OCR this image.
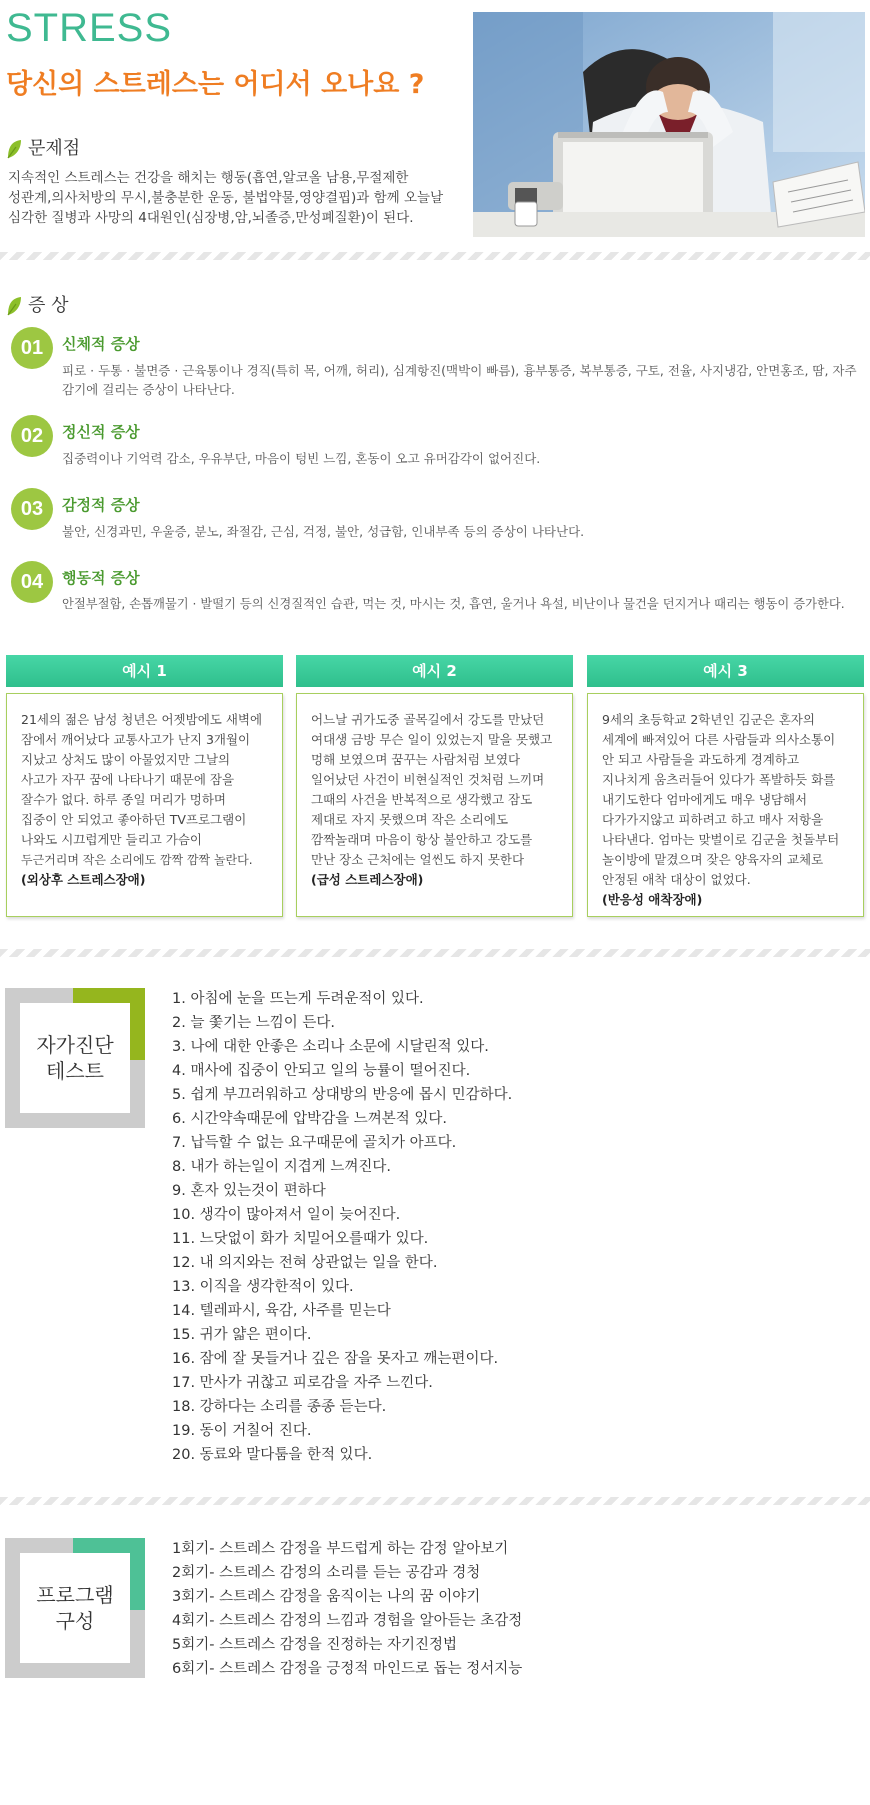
STRESS
당신의 스트레스는 어디서 오나요 ?
문제점
지속적인 스트레스는 건강을 해치는 행동(흡연,알코올 남용,무절제한
성관계,의사처방의 무시,불충분한 운동, 불법약물,영양결핍)과 함께 오늘날
심각한 질병과 사망의 4대원인(심장병,암,뇌졸증,만성폐질환)이 된다.
증 상
01	신체적 증상
피로 · 두통 · 불면증 · 근육통이나 경직(특히 목, 어깨, 허리), 심계항진(맥박이 빠름), 흉부통증, 복부통증, 구토, 전율, 사지냉감, 안면홍조, 땀, 자주
감기에 걸리는 증상이 나타난다.
02	정신적 증상
집중력이나 기억력 감소, 우유부단, 마음이 텅빈 느낌, 혼동이 오고 유머감각이 없어진다.
03	감정적 증상
불안, 신경과민, 우울증, 분노, 좌절감, 근심, 걱정, 불안, 성급함, 인내부족 등의 증상이 나타난다.
04	행동적 증상
안절부절함, 손톱깨물기 · 발떨기 등의 신경질적인 습관, 먹는 것, 마시는 것, 흡연, 울거나 욕설, 비난이나 물건을 던지거나 때리는 행동이 증가한다.
예시 1
21세의 젊은 남성 청년은 어젯밤에도 새벽에
잠에서 깨어났다 교통사고가 난지 3개월이
지났고 상처도 많이 아물었지만 그날의
사고가 자꾸 꿈에 나타나기 때문에 잠을
잘수가 없다. 하루 종일 머리가 멍하며
집중이 안 되었고 좋아하던 TV프로그램이
나와도 시끄럽게만 들리고 가슴이
두근거리며 작은 소리에도 깜짝 깜짝 놀란다.
(외상후 스트레스장애)
예시 2
어느날 귀가도중 골목길에서 강도를 만났던
여대생 금방 무슨 일이 있었는지 말을 못했고
멍해 보였으며 꿈꾸는 사람처럼 보였다
일어났던 사건이 비현실적인 것처럼 느끼며
그때의 사건을 반복적으로 생각했고 잠도
제대로 자지 못했으며 작은 소리에도
깜짝놀래며 마음이 항상 불안하고 강도를
만난 장소 근처에는 얼씬도 하지 못한다
(급성 스트레스장애)
예시 3
9세의 초등학교 2학년인 김군은 혼자의
세계에 빠져있어 다른 사람들과 의사소통이
안 되고 사람들을 과도하게 경계하고
지나치게 움츠러들어 있다가 폭발하듯 화를
내기도한다 엄마에게도 매우 냉담해서
다가가지않고 피하려고 하고 매사 저항을
나타낸다. 엄마는 맞벌이로 김군을 첫돌부터
놀이방에 맡겼으며 잦은 양육자의 교체로
안정된 애착 대상이 없었다.
(반응성 애착장애)
자가진단
테스트
1. 아침에 눈을 뜨는게 두려운적이 있다.
2. 늘 쫓기는 느낌이 든다.
3. 나에 대한 안좋은 소리나 소문에 시달린적 있다.
4. 매사에 집중이 안되고 일의 능률이 떨어진다.
5. 쉽게 부끄러워하고 상대방의 반응에 몹시 민감하다.
6. 시간약속때문에 압박감을 느껴본적 있다.
7. 납득할 수 없는 요구때문에 골치가 아프다.
8. 내가 하는일이 지겹게 느껴진다.
9. 혼자 있는것이 편하다
10. 생각이 많아져서 일이 늦어진다.
11. 느닷없이 화가 치밀어오를때가 있다.
12. 내 의지와는 전혀 상관없는 일을 한다.
13. 이직을 생각한적이 있다.
14. 텔레파시, 육감, 사주를 믿는다
15. 귀가 얇은 편이다.
16. 잠에 잘 못들거나 깊은 잠을 못자고 깨는편이다.
17. 만사가 귀찮고 피로감을 자주 느낀다.
18. 강하다는 소리를 종종 듣는다.
19. 동이 거칠어 진다.
20. 동료와 말다툼을 한적 있다.
프로그램
구성
1회기- 스트레스 감정을 부드럽게 하는 감정 알아보기
2회기- 스트레스 감정의 소리를 듣는 공감과 경청
3회기- 스트레스 감정을 움직이는 나의 꿈 이야기
4회기- 스트레스 감정의 느낌과 경험을 알아듣는 초감정
5회기- 스트레스 감정을 진정하는 자기진정법
6회기- 스트레스 감정을 긍정적 마인드로 돕는 정서지능
